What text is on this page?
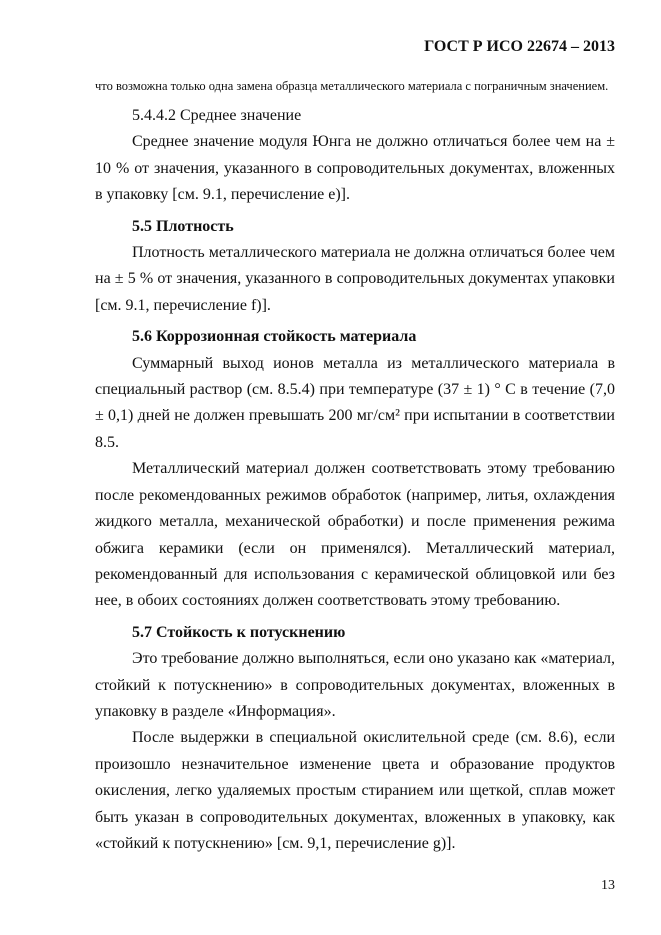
ГОСТ Р ИСО 22674 – 2013

что возможна только одна замена образца металлического материала с пограничным значением.

5.4.4.2 Среднее значение

Среднее значение модуля Юнга не должно отличаться более чем на ± 10 % от значения, указанного в сопроводительных документах, вложенных в упаковку [см. 9.1, перечисление е)].

5.5 Плотность

Плотность металлического материала не должна отличаться более чем на ± 5 % от значения, указанного в сопроводительных документах упаковки [см. 9.1, перечисление f)].

5.6 Коррозионная стойкость материала

Суммарный выход ионов металла из металлического материала в специальный раствор (см. 8.5.4) при температуре (37 ± 1) ° С в течение (7,0 ± 0,1) дней не должен превышать 200 мг/см² при испытании в соответствии 8.5.

Металлический материал должен соответствовать этому требованию после рекомендованных режимов обработок (например, литья, охлаждения жидкого металла, механической обработки) и после применения режима обжига керамики (если он применялся). Металлический материал, рекомендованный для использования с керамической облицовкой или без нее, в обоих состояниях должен соответствовать этому требованию.

5.7 Стойкость к потускнению

Это требование должно выполняться, если оно указано как «материал, стойкий к потускнению» в сопроводительных документах, вложенных в упаковку в разделе «Информация».

После выдержки в специальной окислительной среде (см. 8.6), если произошло незначительное изменение цвета и образование продуктов окисления, легко удаляемых простым стиранием или щеткой, сплав может быть указан в сопроводительных документах, вложенных в упаковку, как «стойкий к потускнению» [см. 9,1, перечисление g)].

13
